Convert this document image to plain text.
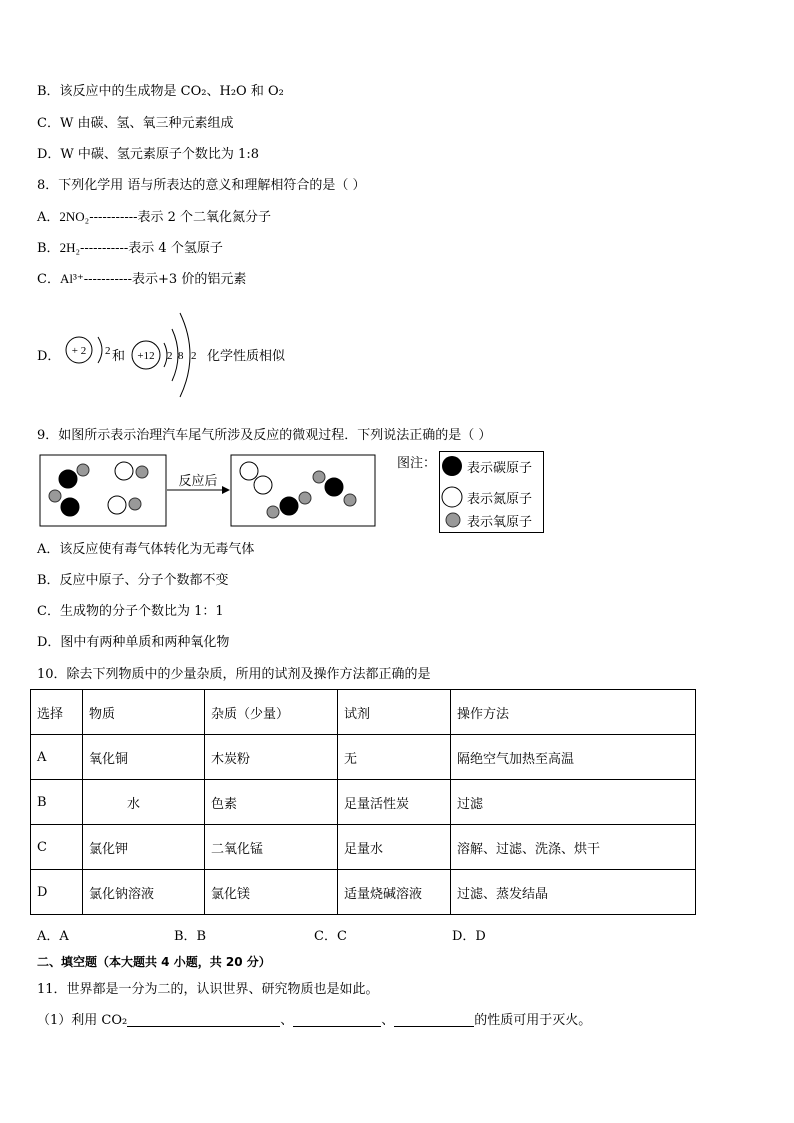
B．该反应中的生成物是 CO₂、H₂O 和 O₂
C．W 由碳、氢、氧三种元素组成
D．W 中碳、氢元素原子个数比为 1:8
8．下列化学用 语与所表达的意义和理解相符合的是（ ）
A．2NO₂-----------表示 2 个二氧化氮分子
B．2H₂-----------表示 4 个氢原子
C．Al³⁺-----------表示+3 价的铝元素
D． + 2 2 和 +12 2 8 2 化学性质相似
9．如图所示表示治理汽车尾气所涉及反应的微观过程．下列说法正确的是（ ）
反应后
图注： 表示碳原子
表示氮原子
表示氧原子
A．该反应使有毒气体转化为无毒气体
B．反应中原子、分子个数都不变
C．生成物的分子个数比为 1：1
D．图中有两种单质和两种氧化物
10．除去下列物质中的少量杂质，所用的试剂及操作方法都正确的是
选择	物质	杂质（少量）	试剂	操作方法
A	氧化铜	木炭粉	无	隔绝空气加热至高温
B	水	色素	足量活性炭	过滤
C	氯化钾	二氧化锰	足量水	溶解、过滤、洗涤、烘干
D	氯化钠溶液	氯化镁	适量烧碱溶液	过滤、蒸发结晶
A．A	B．B	C．C	D．D
二、填空题（本大题共 4 小题，共 20 分）
11．世界都是一分为二的，认识世界、研究物质也是如此。
（1）利用 CO₂	、	、	的性质可用于灭火。
